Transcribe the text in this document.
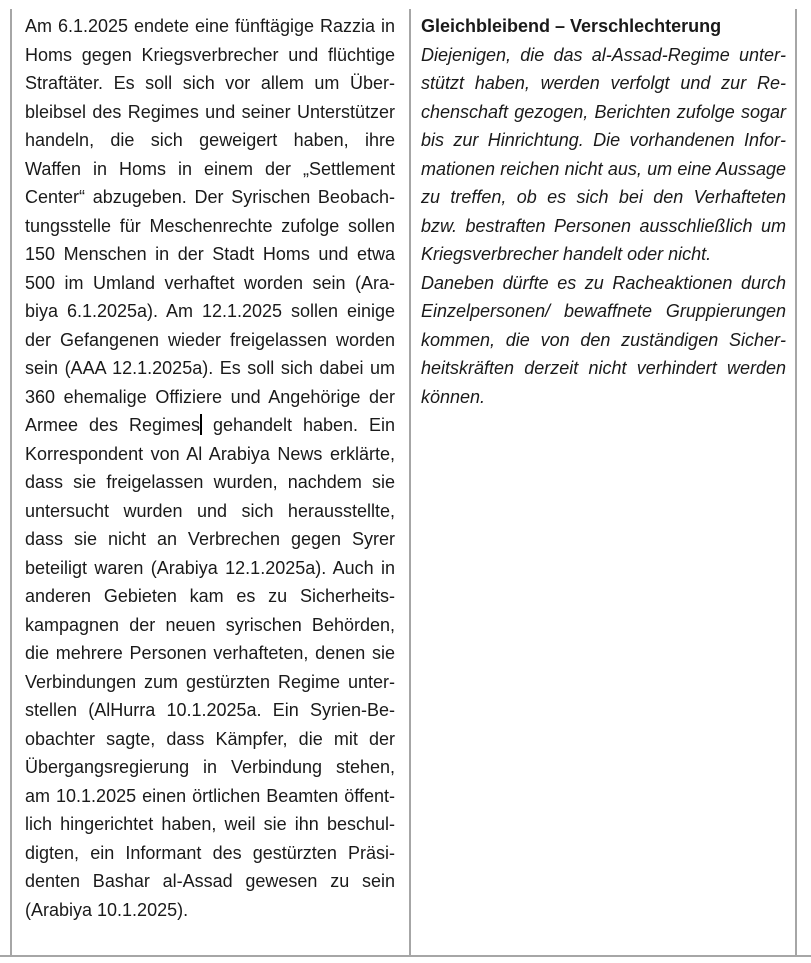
Am 6.1.2025 endete eine fünftägige Razzia in Homs gegen Kriegsverbrecher und flüchtige Straftäter. Es soll sich vor allem um Überbleibsel des Regimes und seiner Unterstützer handeln, die sich geweigert haben, ihre Waffen in Homs in einem der „Settlement Center“ abzugeben. Der Syrischen Beobachtungsstelle für Meschenrechte zufolge sollen 150 Menschen in der Stadt Homs und etwa 500 im Umland verhaftet worden sein (Arabiya 6.1.2025a). Am 12.1.2025 sollen einige der Gefangenen wieder freigelassen worden sein (AAA 12.1.2025a). Es soll sich dabei um 360 ehemalige Offiziere und Angehörige der Armee des Regimes gehandelt haben. Ein Korrespondent von Al Arabiya News erklärte, dass sie freigelassen wurden, nachdem sie untersucht wurden und sich herausstellte, dass sie nicht an Verbrechen gegen Syrer beteiligt waren (Arabiya 12.1.2025a). Auch in anderen Gebieten kam es zu Sicherheitskampagnen der neuen syrischen Behörden, die mehrere Personen verhafteten, denen sie Verbindungen zum gestürzten Regime unterstellen (AlHurra 10.1.2025a. Ein Syrien-Beobachter sagte, dass Kämpfer, die mit der Übergangsregierung in Verbindung stehen, am 10.1.2025 einen örtlichen Beamten öffentlich hingerichtet haben, weil sie ihn beschuldigten, ein Informant des gestürzten Präsidenten Bashar al-Assad gewesen zu sein (Arabiya 10.1.2025).

Gleichbleibend – Verschlechterung

Diejenigen, die das al-Assad-Regime unterstützt haben, werden verfolgt und zur Rechenschaft gezogen, Berichten zufolge sogar bis zur Hinrichtung. Die vorhandenen Informationen reichen nicht aus, um eine Aussage zu treffen, ob es sich bei den Verhafteten bzw. bestraften Personen ausschließlich um Kriegsverbrecher handelt oder nicht.

Daneben dürfte es zu Racheaktionen durch Einzelpersonen/ bewaffnete Gruppierungen kommen, die von den zuständigen Sicherheitskräften derzeit nicht verhindert werden können.
